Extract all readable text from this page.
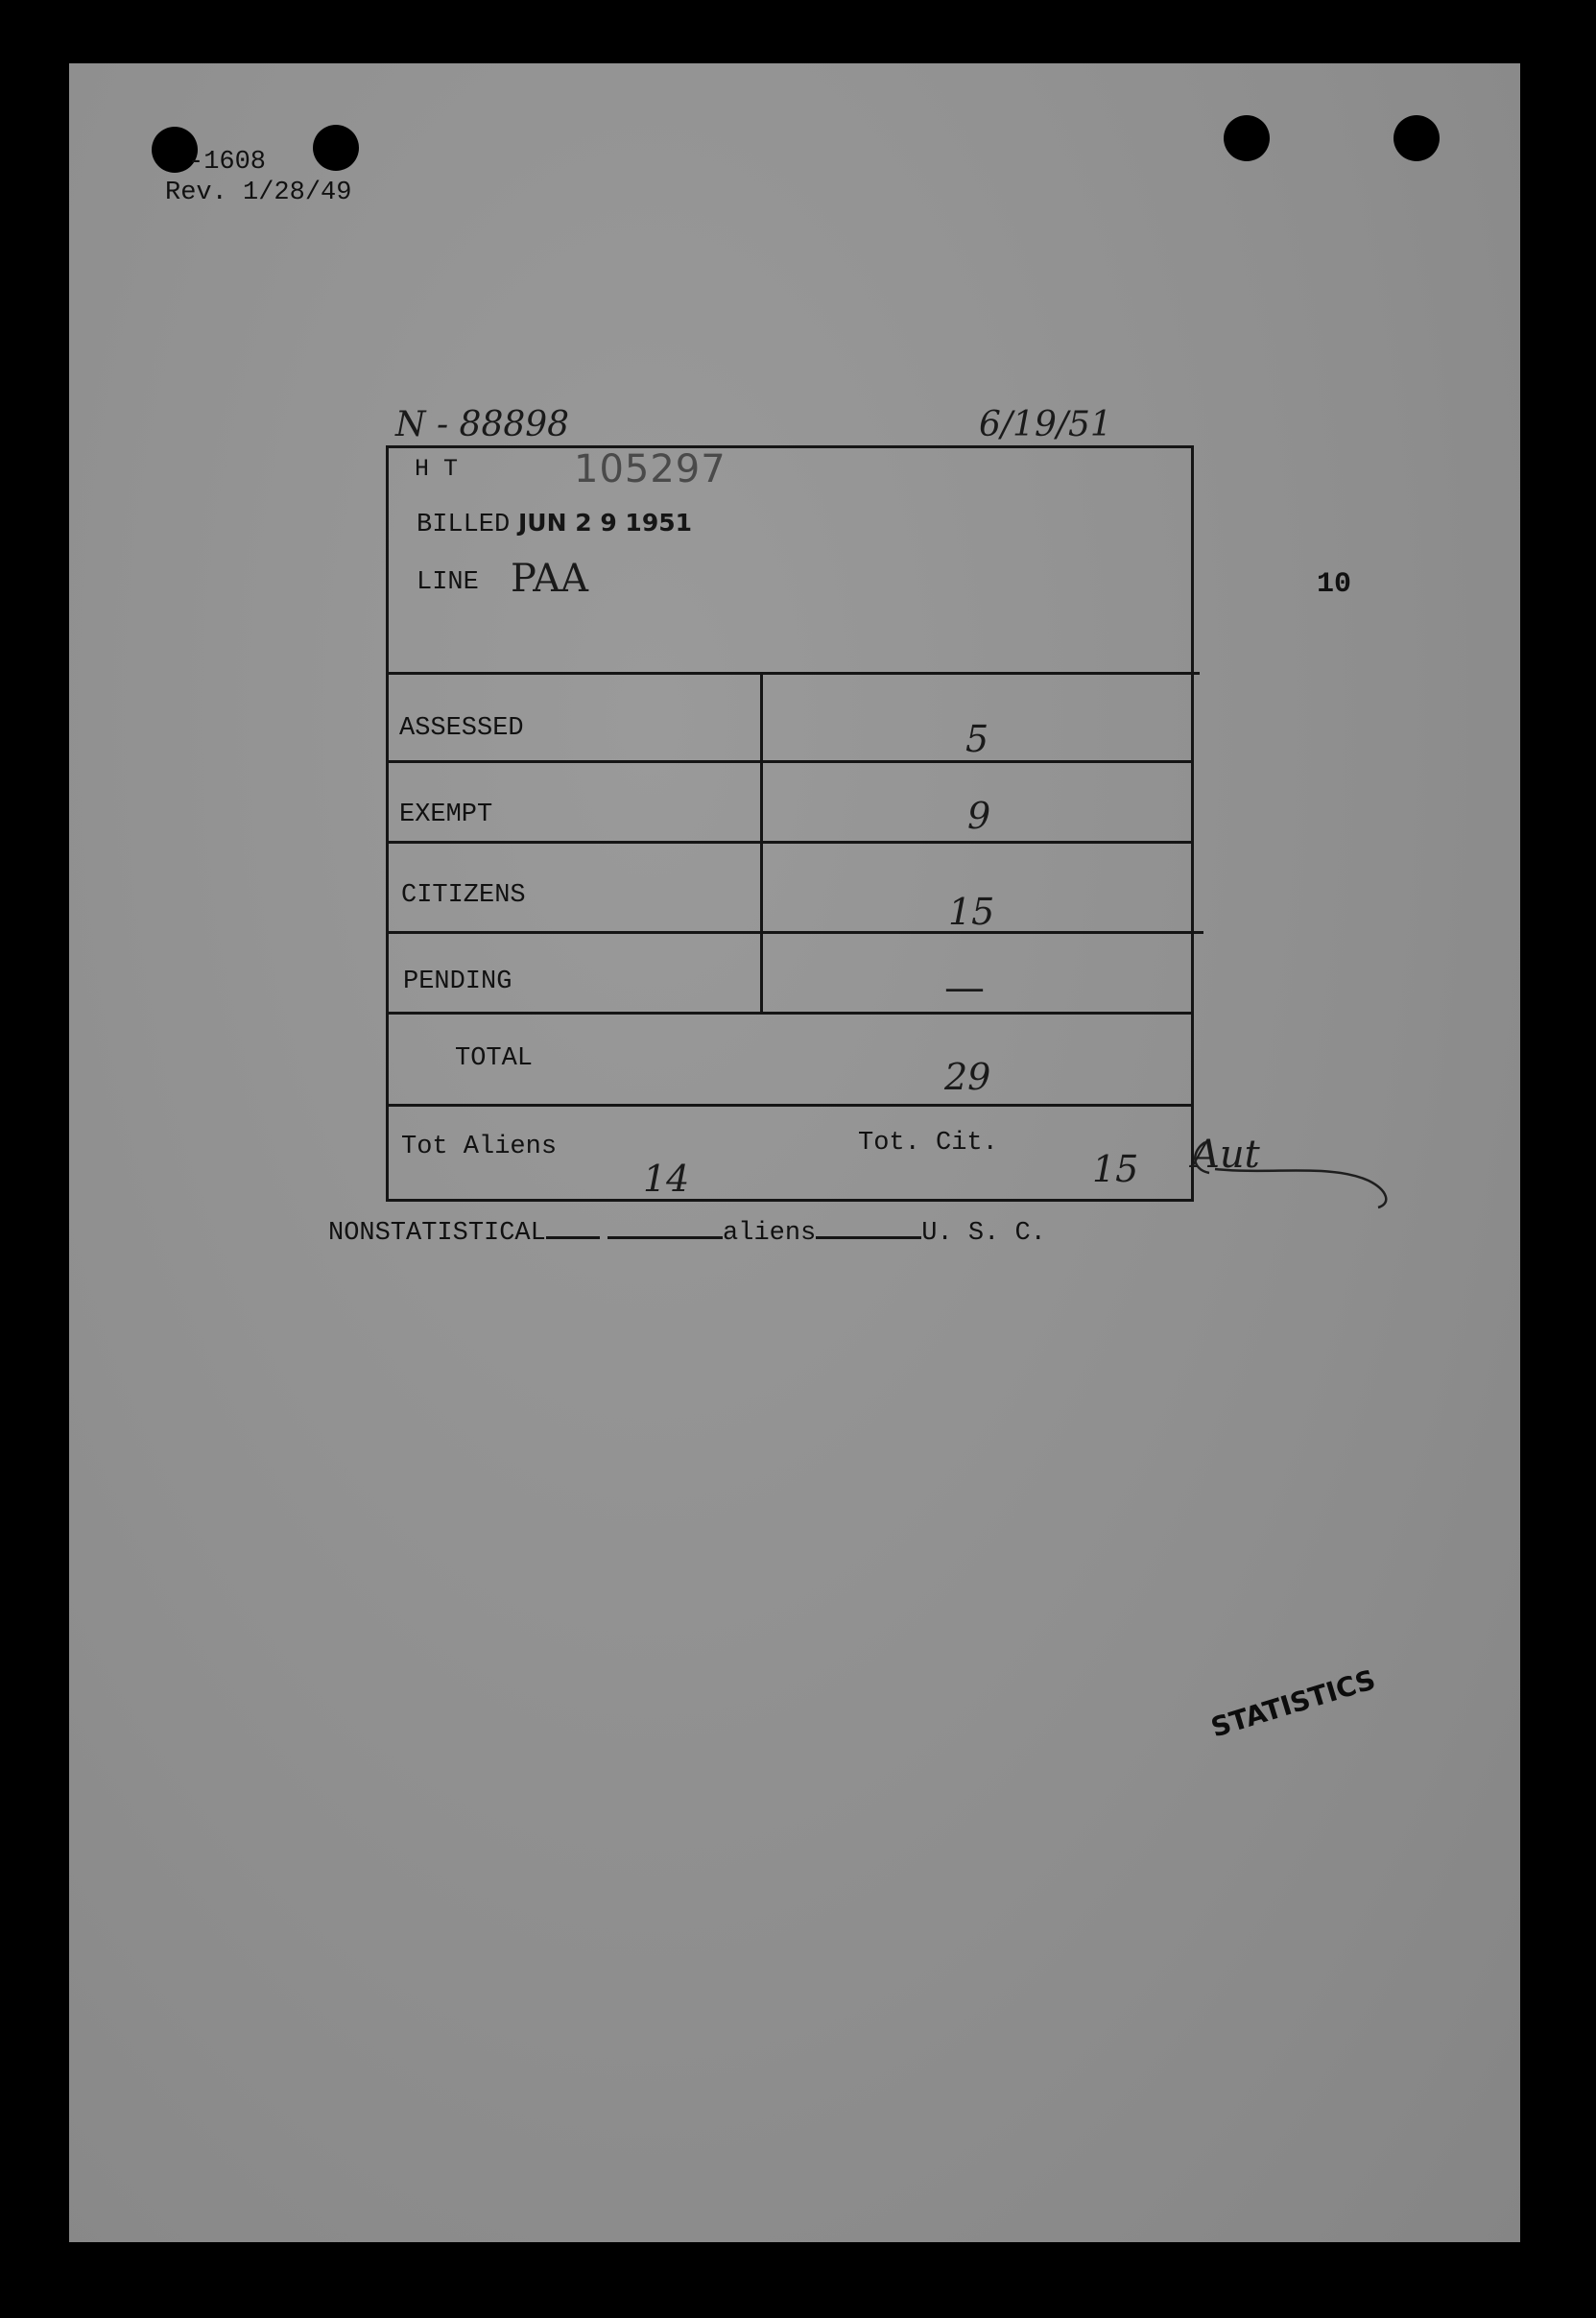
-1608
Rev. 1/28/49
N - 88898	6/19/51
H T	105297
BILLED JUN 2 9 1951
LINE PAA	10
ASSESSED	5
EXEMPT	9
CITIZENS	15
PENDING	—
TOTAL	29
Tot Aliens
14
Tot. Cit.
15 Aut
NONSTATISTICAL	aliens	U. S. C.
STATISTICS
